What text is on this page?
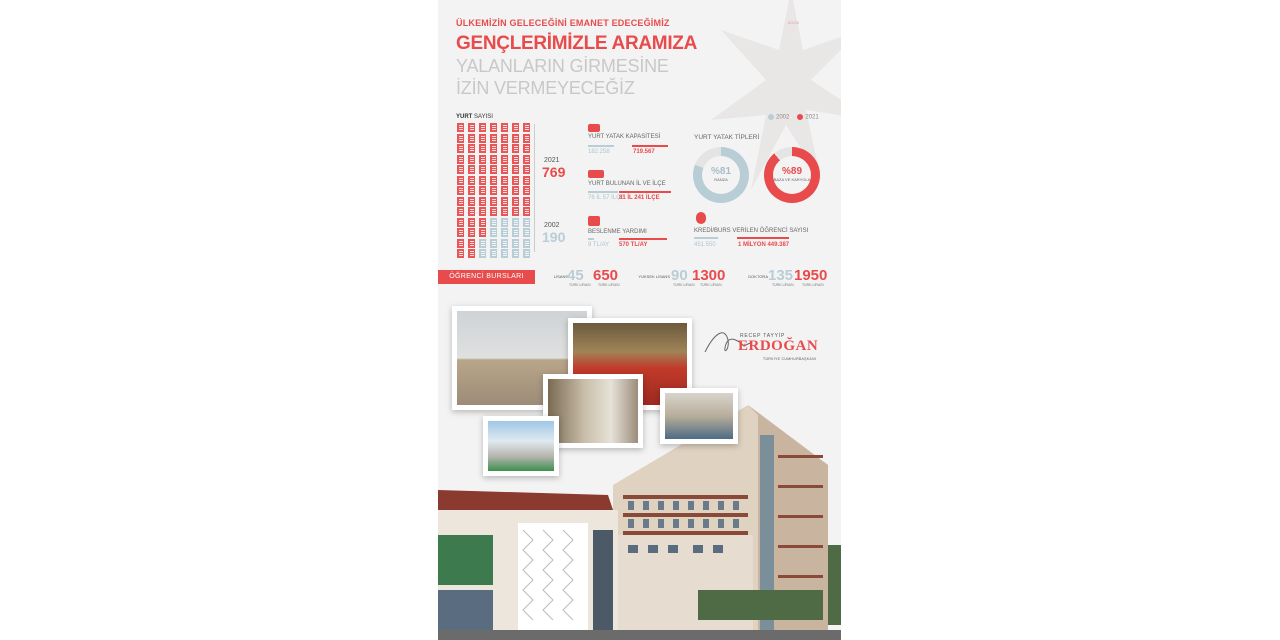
ÜLKEMİZİN GELECEĞİNİ EMANET EDECEĞİMİZ
GENÇLERİMİZLE ARAMIZA
YALANLARIN GİRMESİNE
İZİN VERMEYECEĞİZ
8/2/26
2002	2021
YURT SAYISI
2021
769
2002
190
YURT YATAK KAPASİTESİ
182.258	719.567
YURT BULUNAN İL VE İLÇE
76 İL 57 İLÇE
81 İL 241 İLÇE
BESLENME YARDIMI
9 TL/AY 570 TL/AY
YURT YATAK TİPLERİ
%81
RANZA
%89
BAZA VE KARYOLA
KREDİ/BURS VERİLEN ÖĞRENCİ SAYISI
451.550	1 MİLYON 449.387
ÖĞRENCİ BURSLARI	LİSANS 45
TÜRK LİRASI
650
TÜRK LİRASI
YÜKSEK LİSANS 90
TÜRK LİRASI
1300
TÜRK LİRASI
DOKTORA 135
TÜRK LİRASI
1950
TÜRK LİRASI
RECEP TAYYİP
ERDOĞAN
TÜRKİYE CUMHURBAŞKANI
